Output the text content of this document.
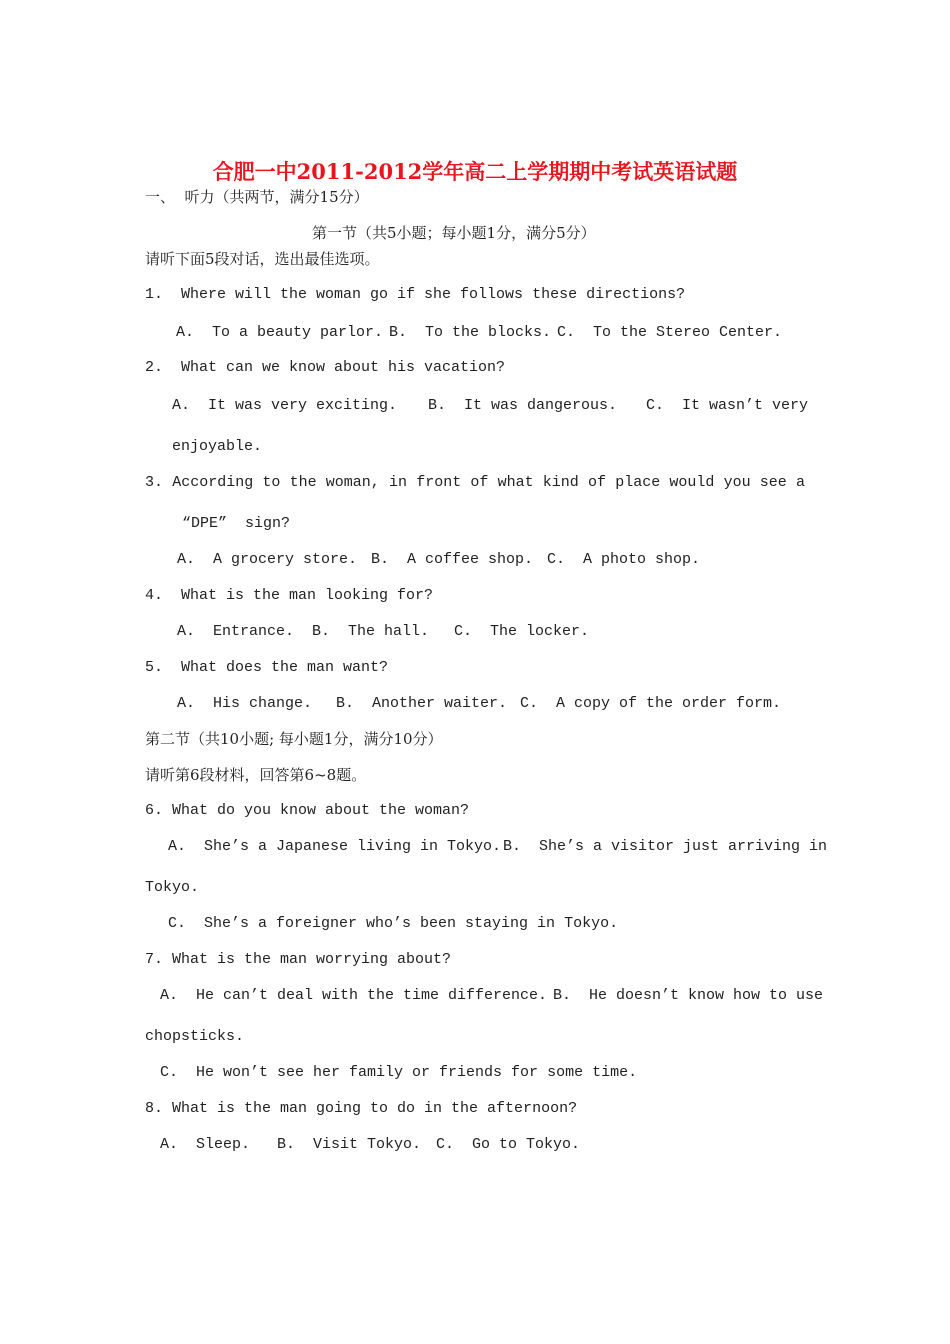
合肥一中2011-2012学年高二上学期期中考试英语试题
一、  听力（共两节，满分15分）
第一节（共5小题；每小题1分，满分5分）
请听下面5段对话，选出最佳选项。
1.  Where will the woman go if she follows these directions?
A.  To a beauty parlor. B.  To the blocks. C.  To the Stereo Center.
2.  What can we know about his vacation?
A.  It was very exciting. B.  It was dangerous. C.  It wasn’t very
enjoyable.
3. According to the woman, in front of what kind of place would you see a
“DPE”  sign?
A.  A grocery store. B.  A coffee shop. C.  A photo shop.
4.  What is the man looking for?
A.  Entrance. B.  The hall. C.  The locker.
5.  What does the man want?
A.  His change. B.  Another waiter. C.  A copy of the order form.
第二节（共10小题; 每小题1分，满分10分）
请听第6段材料，回答第6~8题。
6. What do you know about the woman?
A.  She’s a Japanese living in Tokyo. B.  She’s a visitor just arriving in
Tokyo.
C.  She’s a foreigner who’s been staying in Tokyo.
7. What is the man worrying about?
A.  He can’t deal with the time difference. B.  He doesn’t know how to use
chopsticks.
C.  He won’t see her family or friends for some time.
8. What is the man going to do in the afternoon?
A.  Sleep. B.  Visit Tokyo. C.  Go to Tokyo.
